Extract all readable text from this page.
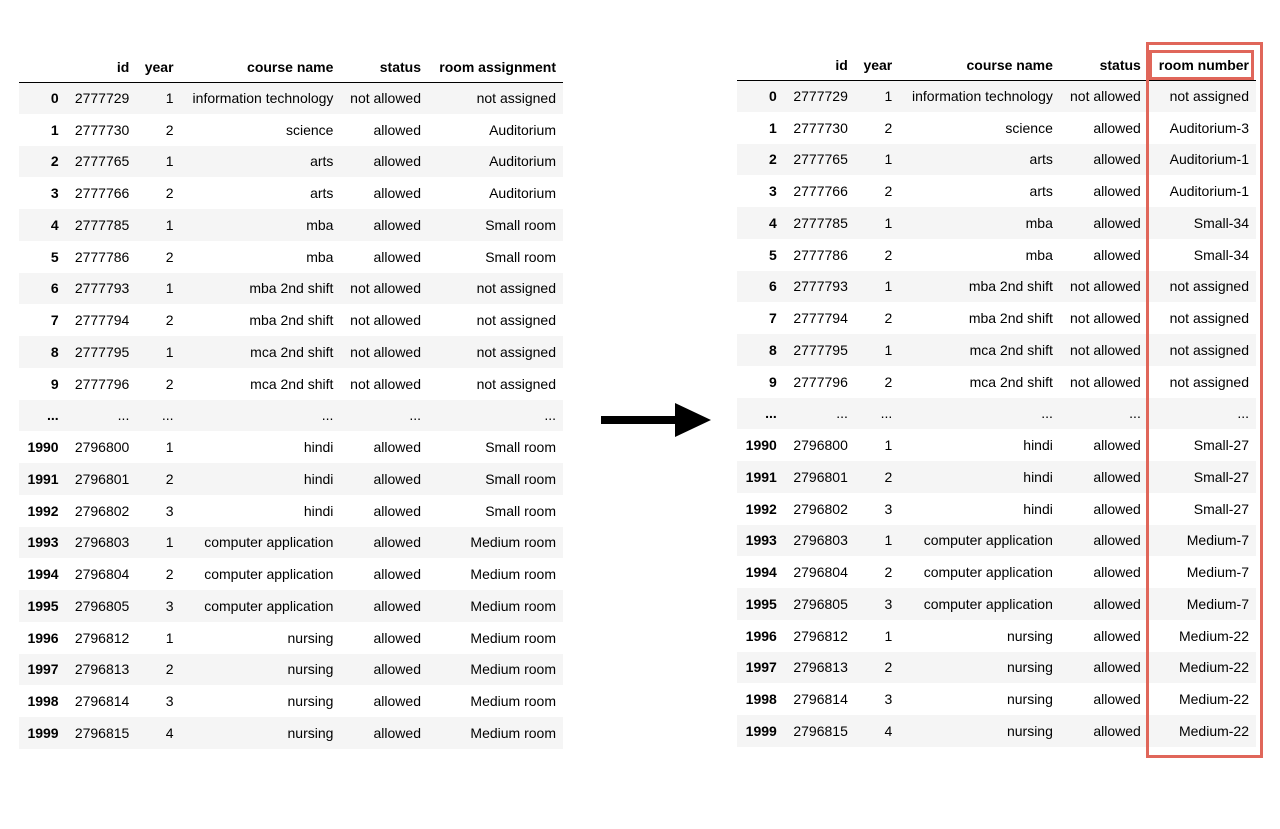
	id	year	course name	status	room assignment
0	2777729	1	information technology	not allowed	not assigned
1	2777730	2	science	allowed	Auditorium
2	2777765	1	arts	allowed	Auditorium
3	2777766	2	arts	allowed	Auditorium
4	2777785	1	mba	allowed	Small room
5	2777786	2	mba	allowed	Small room
6	2777793	1	mba 2nd shift	not allowed	not assigned
7	2777794	2	mba 2nd shift	not allowed	not assigned
8	2777795	1	mca 2nd shift	not allowed	not assigned
9	2777796	2	mca 2nd shift	not allowed	not assigned
...	...	...	...	...	...
1990	2796800	1	hindi	allowed	Small room
1991	2796801	2	hindi	allowed	Small room
1992	2796802	3	hindi	allowed	Small room
1993	2796803	1	computer application	allowed	Medium room
1994	2796804	2	computer application	allowed	Medium room
1995	2796805	3	computer application	allowed	Medium room
1996	2796812	1	nursing	allowed	Medium room
1997	2796813	2	nursing	allowed	Medium room
1998	2796814	3	nursing	allowed	Medium room
1999	2796815	4	nursing	allowed	Medium room
	id	year	course name	status	room number
0	2777729	1	information technology	not allowed	not assigned
1	2777730	2	science	allowed	Auditorium-3
2	2777765	1	arts	allowed	Auditorium-1
3	2777766	2	arts	allowed	Auditorium-1
4	2777785	1	mba	allowed	Small-34
5	2777786	2	mba	allowed	Small-34
6	2777793	1	mba 2nd shift	not allowed	not assigned
7	2777794	2	mba 2nd shift	not allowed	not assigned
8	2777795	1	mca 2nd shift	not allowed	not assigned
9	2777796	2	mca 2nd shift	not allowed	not assigned
...	...	...	...	...	...
1990	2796800	1	hindi	allowed	Small-27
1991	2796801	2	hindi	allowed	Small-27
1992	2796802	3	hindi	allowed	Small-27
1993	2796803	1	computer application	allowed	Medium-7
1994	2796804	2	computer application	allowed	Medium-7
1995	2796805	3	computer application	allowed	Medium-7
1996	2796812	1	nursing	allowed	Medium-22
1997	2796813	2	nursing	allowed	Medium-22
1998	2796814	3	nursing	allowed	Medium-22
1999	2796815	4	nursing	allowed	Medium-22
